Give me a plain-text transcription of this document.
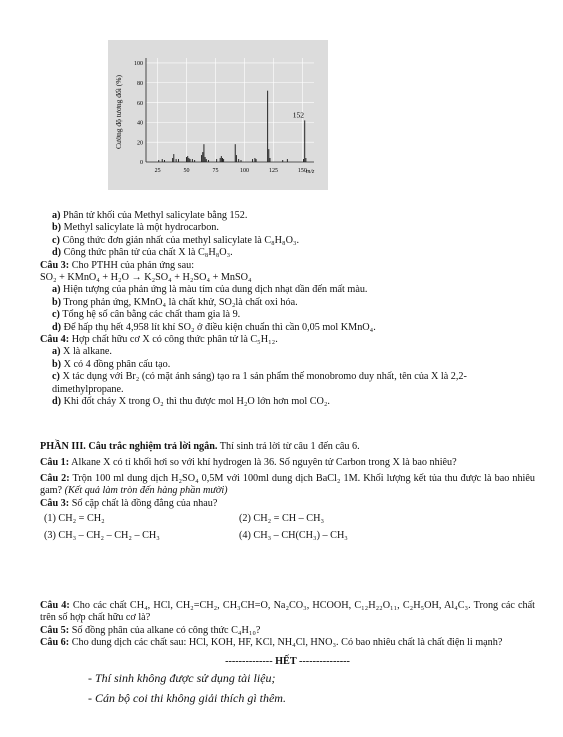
0
20
40
60
80
100
25	50	75	100	125	150
Cường độ tương đối (%)
m/z
152
a) Phân tử khối của Methyl salicylate bằng 152.
b) Methyl salicylate là một hydrocarbon.
c) Công thức đơn giản nhất của methyl salicylate là C₈H₈O₃.
d) Công thức phân tử của chất X là C₈H₈O₃.
Câu 3: Cho PTHH của phản ứng sau:
SO₂ + KMnO₄ + H₂O → K₂SO₄ + H₂SO₄ + MnSO₄
a) Hiện tượng của phản ứng là màu tím của dung dịch nhạt dần đến mất màu.
b) Trong phản ứng, KMnO₄ là chất khử, SO₂là chất oxi hóa.
c) Tổng hệ số cân bằng các chất tham gia là 9.
d) Để hấp thụ hết 4,958 lít khí SO₂ ở điều kiện chuẩn thì cần 0,05 mol KMnO₄.
Câu 4: Hợp chất hữu cơ X có công thức phân tử là C₅H₁₂.
a) X là alkane.
b) X có 4 đồng phân cấu tạo.
c) X tác dụng với Br₂ (có mặt ánh sáng) tạo ra 1 sản phẩm thế monobromo duy nhất, tên của X là 2,2-dimethylpropane.
d) Khi đốt cháy X trong O₂ thì thu được mol H₂O lớn hơn mol CO₂.
PHẦN III. Câu trắc nghiệm trả lời ngắn. Thí sinh trả lời từ câu 1 đến câu 6.
Câu 1: Alkane X có tỉ khối hơi so với khí hydrogen là 36. Số nguyên tử Carbon trong X là bao nhiêu?
Câu 2: Trộn 100 ml dung dịch H₂SO₄ 0,5M với 100ml dung dịch BaCl₂ 1M. Khối lượng kết tủa thu được là bao nhiêu gam? (Kết quả làm tròn đến hàng phần mười)
Câu 3: Số cặp chất là đồng đẳng của nhau?
(1) CH₂ = CH₂	(2) CH₂ = CH – CH₃
(3) CH₃ – CH₂ – CH₂ – CH₃	(4) CH₃ – CH(CH₃) – CH₃
Câu 4: Cho các chất CH₄, HCl, CH₂=CH₂, CH₃CH=O, Na₂CO₃, HCOOH, C₁₂H₂₂O₁₁, C₂H₅OH, Al₄C₃. Trong các chất trên số hợp chất hữu cơ là?
Câu 5: Số đồng phân của alkane có công thức C₄H₁₀?
Câu 6: Cho dung dịch các chất sau: HCl, KOH, HF, KCl, NH₄Cl, HNO₃. Có bao nhiêu chất là chất điện li mạnh?
-------------- HẾT ---------------
- Thí sinh không được sử dụng tài liệu;
- Cán bộ coi thi không giải thích gì thêm.
